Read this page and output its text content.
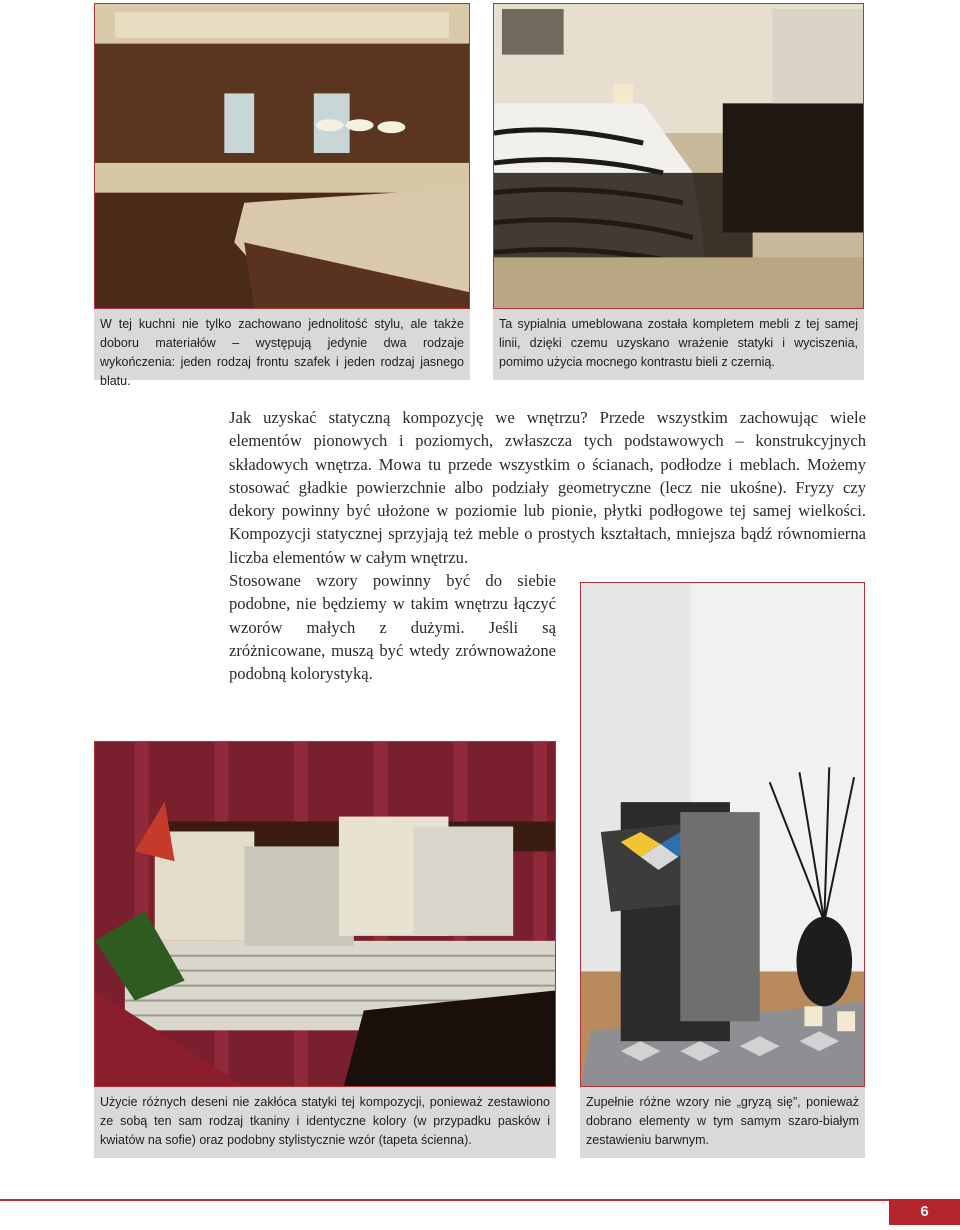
W tej kuchni nie tylko zachowano jednolitość stylu, ale także doboru materiałów – występują jedynie dwa rodzaje wykończenia: jeden rodzaj frontu szafek i jeden rodzaj jasnego blatu.
Ta sypialnia umeblowana została kompletem mebli z tej samej linii, dzięki czemu uzyskano wrażenie statyki i wyciszenia, pomimo użycia mocnego kontrastu bieli z czernią.
Jak uzyskać statyczną kompozycję we wnętrzu? Przede wszystkim zachowując wiele elementów pionowych i poziomych, zwłaszcza tych podstawowych – konstrukcyjnych składowych wnętrza. Mowa tu przede wszystkim o ścianach, podłodze i meblach. Możemy stosować gładkie powierzchnie albo podziały geometryczne (lecz nie ukośne). Fryzy czy dekory powinny być ułożone w poziomie lub pionie, płytki podłogowe tej samej wielkości. Kompozycji statycznej sprzyjają też meble o prostych kształtach, mniejsza bądź równomierna liczba elementów w całym wnętrzu.
Stosowane wzory powinny być do siebie podobne, nie będziemy w takim wnętrzu łączyć wzorów małych z dużymi. Jeśli są zróżnicowane, muszą być wtedy zrównoważone podobną kolorystyką.
Użycie różnych deseni nie zakłóca statyki tej kompozycji, ponieważ zestawiono ze sobą ten sam rodzaj tkaniny i identyczne kolory (w przypadku pasków i kwiatów na sofie) oraz podobny stylistycznie wzór (tapeta ścienna).
Zupełnie różne wzory nie „gryzą się”, ponieważ dobrano elementy w tym samym szaro-białym zestawieniu barwnym.
6
